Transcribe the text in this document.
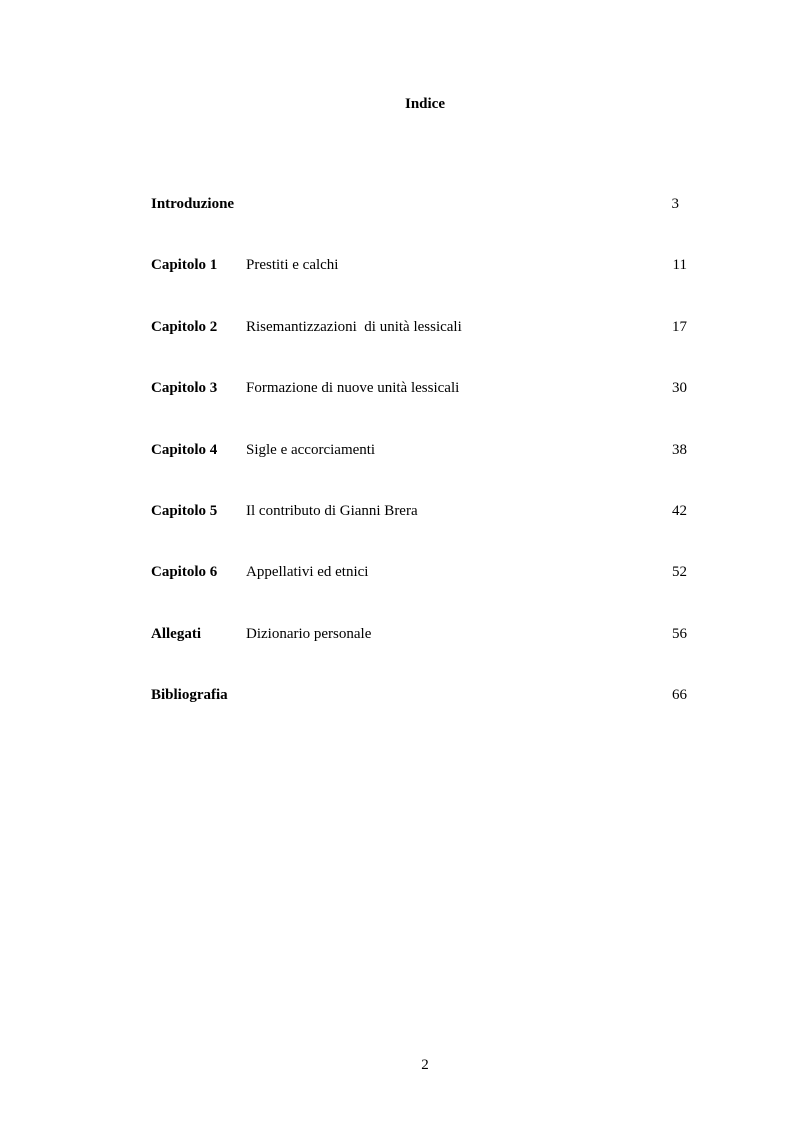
Indice
Introduzione	3
Capitolo 1 Prestiti e calchi	11
Capitolo 2 Risemantizzazioni  di unità lessicali	17
Capitolo 3 Formazione di nuove unità lessicali	30
Capitolo 4 Sigle e accorciamenti	38
Capitolo 5 Il contributo di Gianni Brera	42
Capitolo 6 Appellativi ed etnici	52
Allegati	Dizionario personale	56
Bibliografia	66
2
